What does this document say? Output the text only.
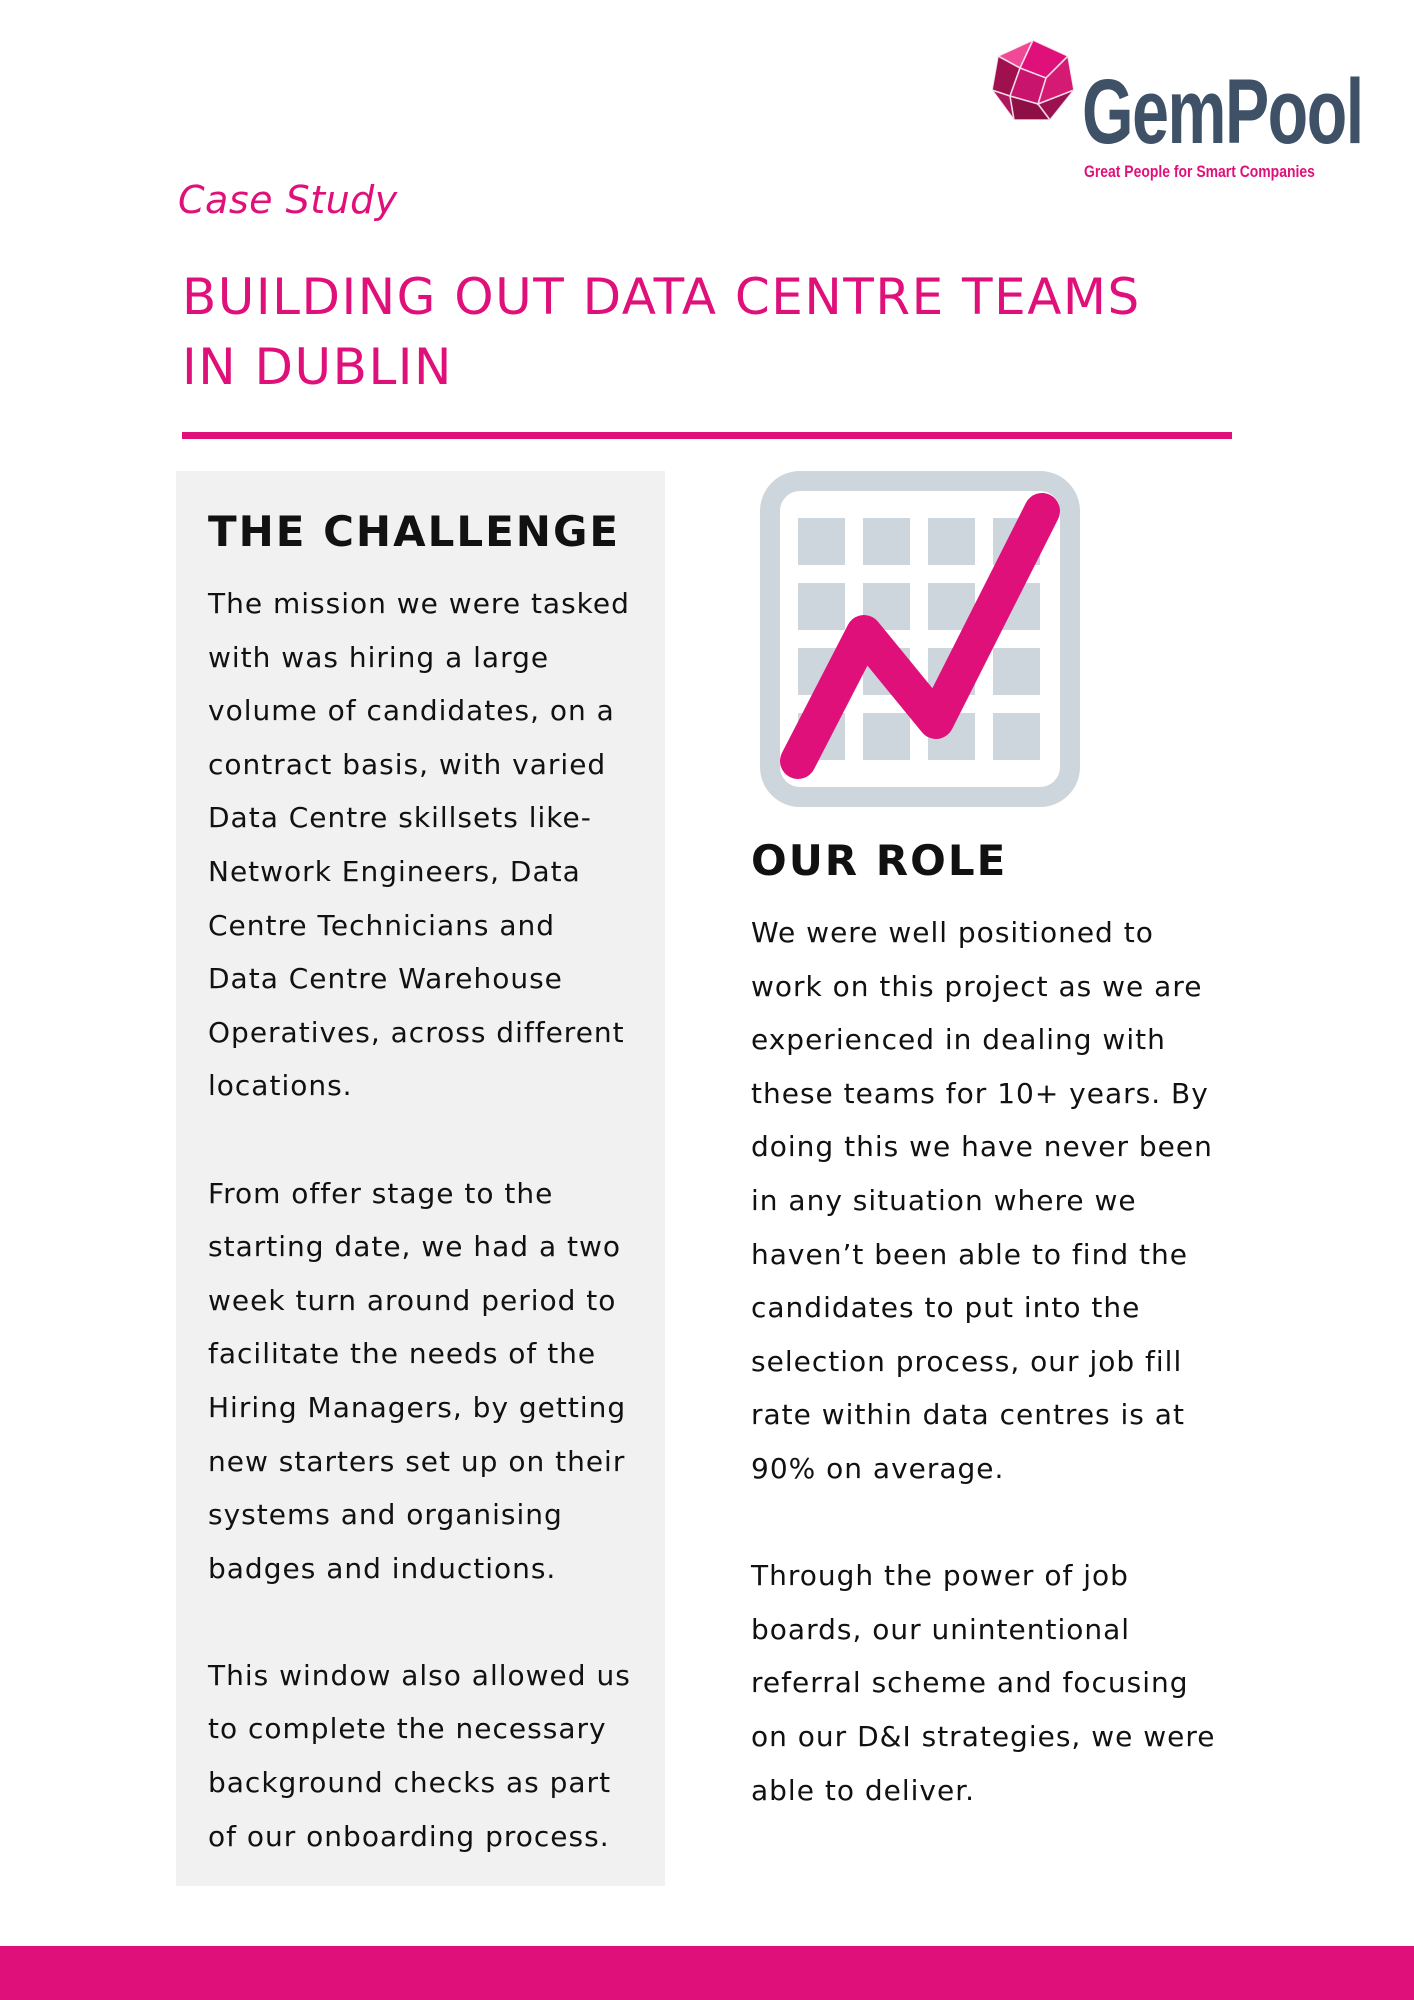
GemPool
Great People for Smart Companies
Case Study
BUILDING OUT DATA CENTRE TEAMS
IN DUBLIN
THE CHALLENGE

The mission we were tasked
with was hiring a large
volume of candidates, on a
contract basis, with varied
Data Centre skillsets like-
Network Engineers, Data
Centre Technicians and
Data Centre Warehouse
Operatives, across different
locations.

From offer stage to the
starting date, we had a two
week turn around period to
facilitate the needs of the
Hiring Managers, by getting
new starters set up on their
systems and organising
badges and inductions.

This window also allowed us
to complete the necessary
background checks as part
of our onboarding process.

OUR ROLE

We were well positioned to
work on this project as we are
experienced in dealing with
these teams for 10+ years. By
doing this we have never been
in any situation where we
haven’t been able to find the
candidates to put into the
selection process, our job fill
rate within data centres is at
90% on average.

Through the power of job
boards, our unintentional
referral scheme and focusing
on our D&I strategies, we were
able to deliver.
